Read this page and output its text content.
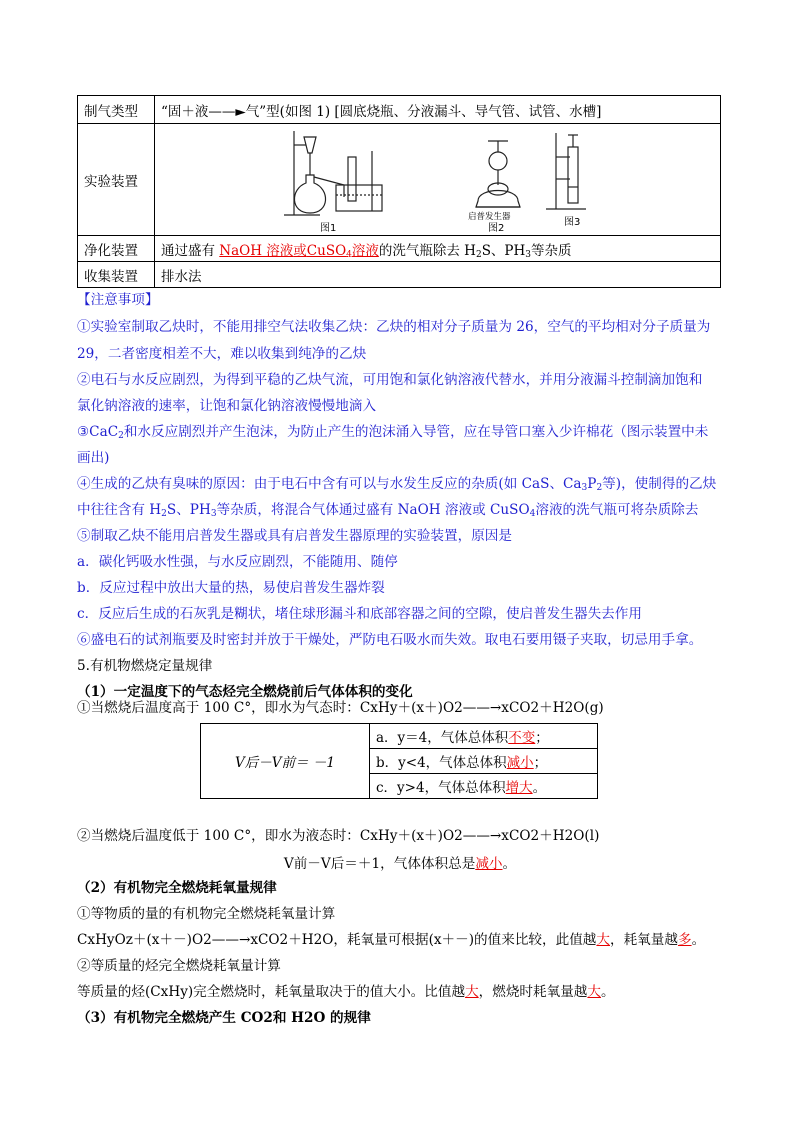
制气类型	“固＋液——►气”型(如图 1) [圆底烧瓶、分液漏斗、导气管、试管、水槽]
实验装置	
净化装置	通过盛有 NaOH 溶液或CuSO$_4$溶液的洗气瓶除去 $H_2S$、$PH_3$等杂质
收集装置	排水法
图1
启普发生器
图2
图3
【注意事项】
①实验室制取乙炔时，不能用排空气法收集乙炔：乙炔的相对分子质量为 26，空气的平均相对分子质量为
29，二者密度相差不大，难以收集到纯净的乙炔
②电石与水反应剧烈，为得到平稳的乙炔气流，可用饱和氯化钠溶液代替水，并用分液漏斗控制滴加饱和
氯化钠溶液的速率，让饱和氯化钠溶液慢慢地滴入
③CaC$_2$和水反应剧烈并产生泡沫，为防止产生的泡沫涌入导管，应在导管口塞入少许棉花（图示装置中未
画出)
④生成的乙炔有臭味的原因：由于电石中含有可以与水发生反应的杂质(如 CaS、$Ca_3P_2$等)，使制得的乙炔
中往往含有 $H_2S$、$PH_3$等杂质，将混合气体通过盛有 NaOH 溶液或 CuSO$_4$溶液的洗气瓶可将杂质除去
⑤制取乙炔不能用启普发生器或具有启普发生器原理的实验装置，原因是
a．碳化钙吸水性强，与水反应剧烈，不能随用、随停
b．反应过程中放出大量的热，易使启普发生器炸裂
c．反应后生成的石灰乳是糊状，堵住球形漏斗和底部容器之间的空隙，使启普发生器失去作用
⑥盛电石的试剂瓶要及时密封并放于干燥处，严防电石吸水而失效。取电石要用镊子夹取，切忌用手拿。
5.有机物燃烧定量规律
（1）一定温度下的气态烃完全燃烧前后气体体积的变化
①当燃烧后温度高于 100 C°，即水为气态时：CxHy＋(x＋)O2——→xCO2＋H2O(g)
V后－V前＝ －1	a．y＝4，气体总体积不变；
b．y<4，气体总体积减小；
c．y>4，气体总体积增大。
②当燃烧后温度低于 100 C°，即水为液态时：CxHy＋(x＋)O2——→xCO2＋H2O(l)
V前－V后＝＋1，气体体积总是减小。
（2）有机物完全燃烧耗氧量规律
①等物质的量的有机物完全燃烧耗氧量计算
CxHyOz＋(x＋－)O2——→xCO2＋H2O，耗氧量可根据(x＋－)的值来比较，此值越大，耗氧量越多。
②等质量的烃完全燃烧耗氧量计算
等质量的烃(CxHy)完全燃烧时，耗氧量取决于的值大小。比值越大，燃烧时耗氧量越大。
（3）有机物完全燃烧产生 CO2和 H2O 的规律
